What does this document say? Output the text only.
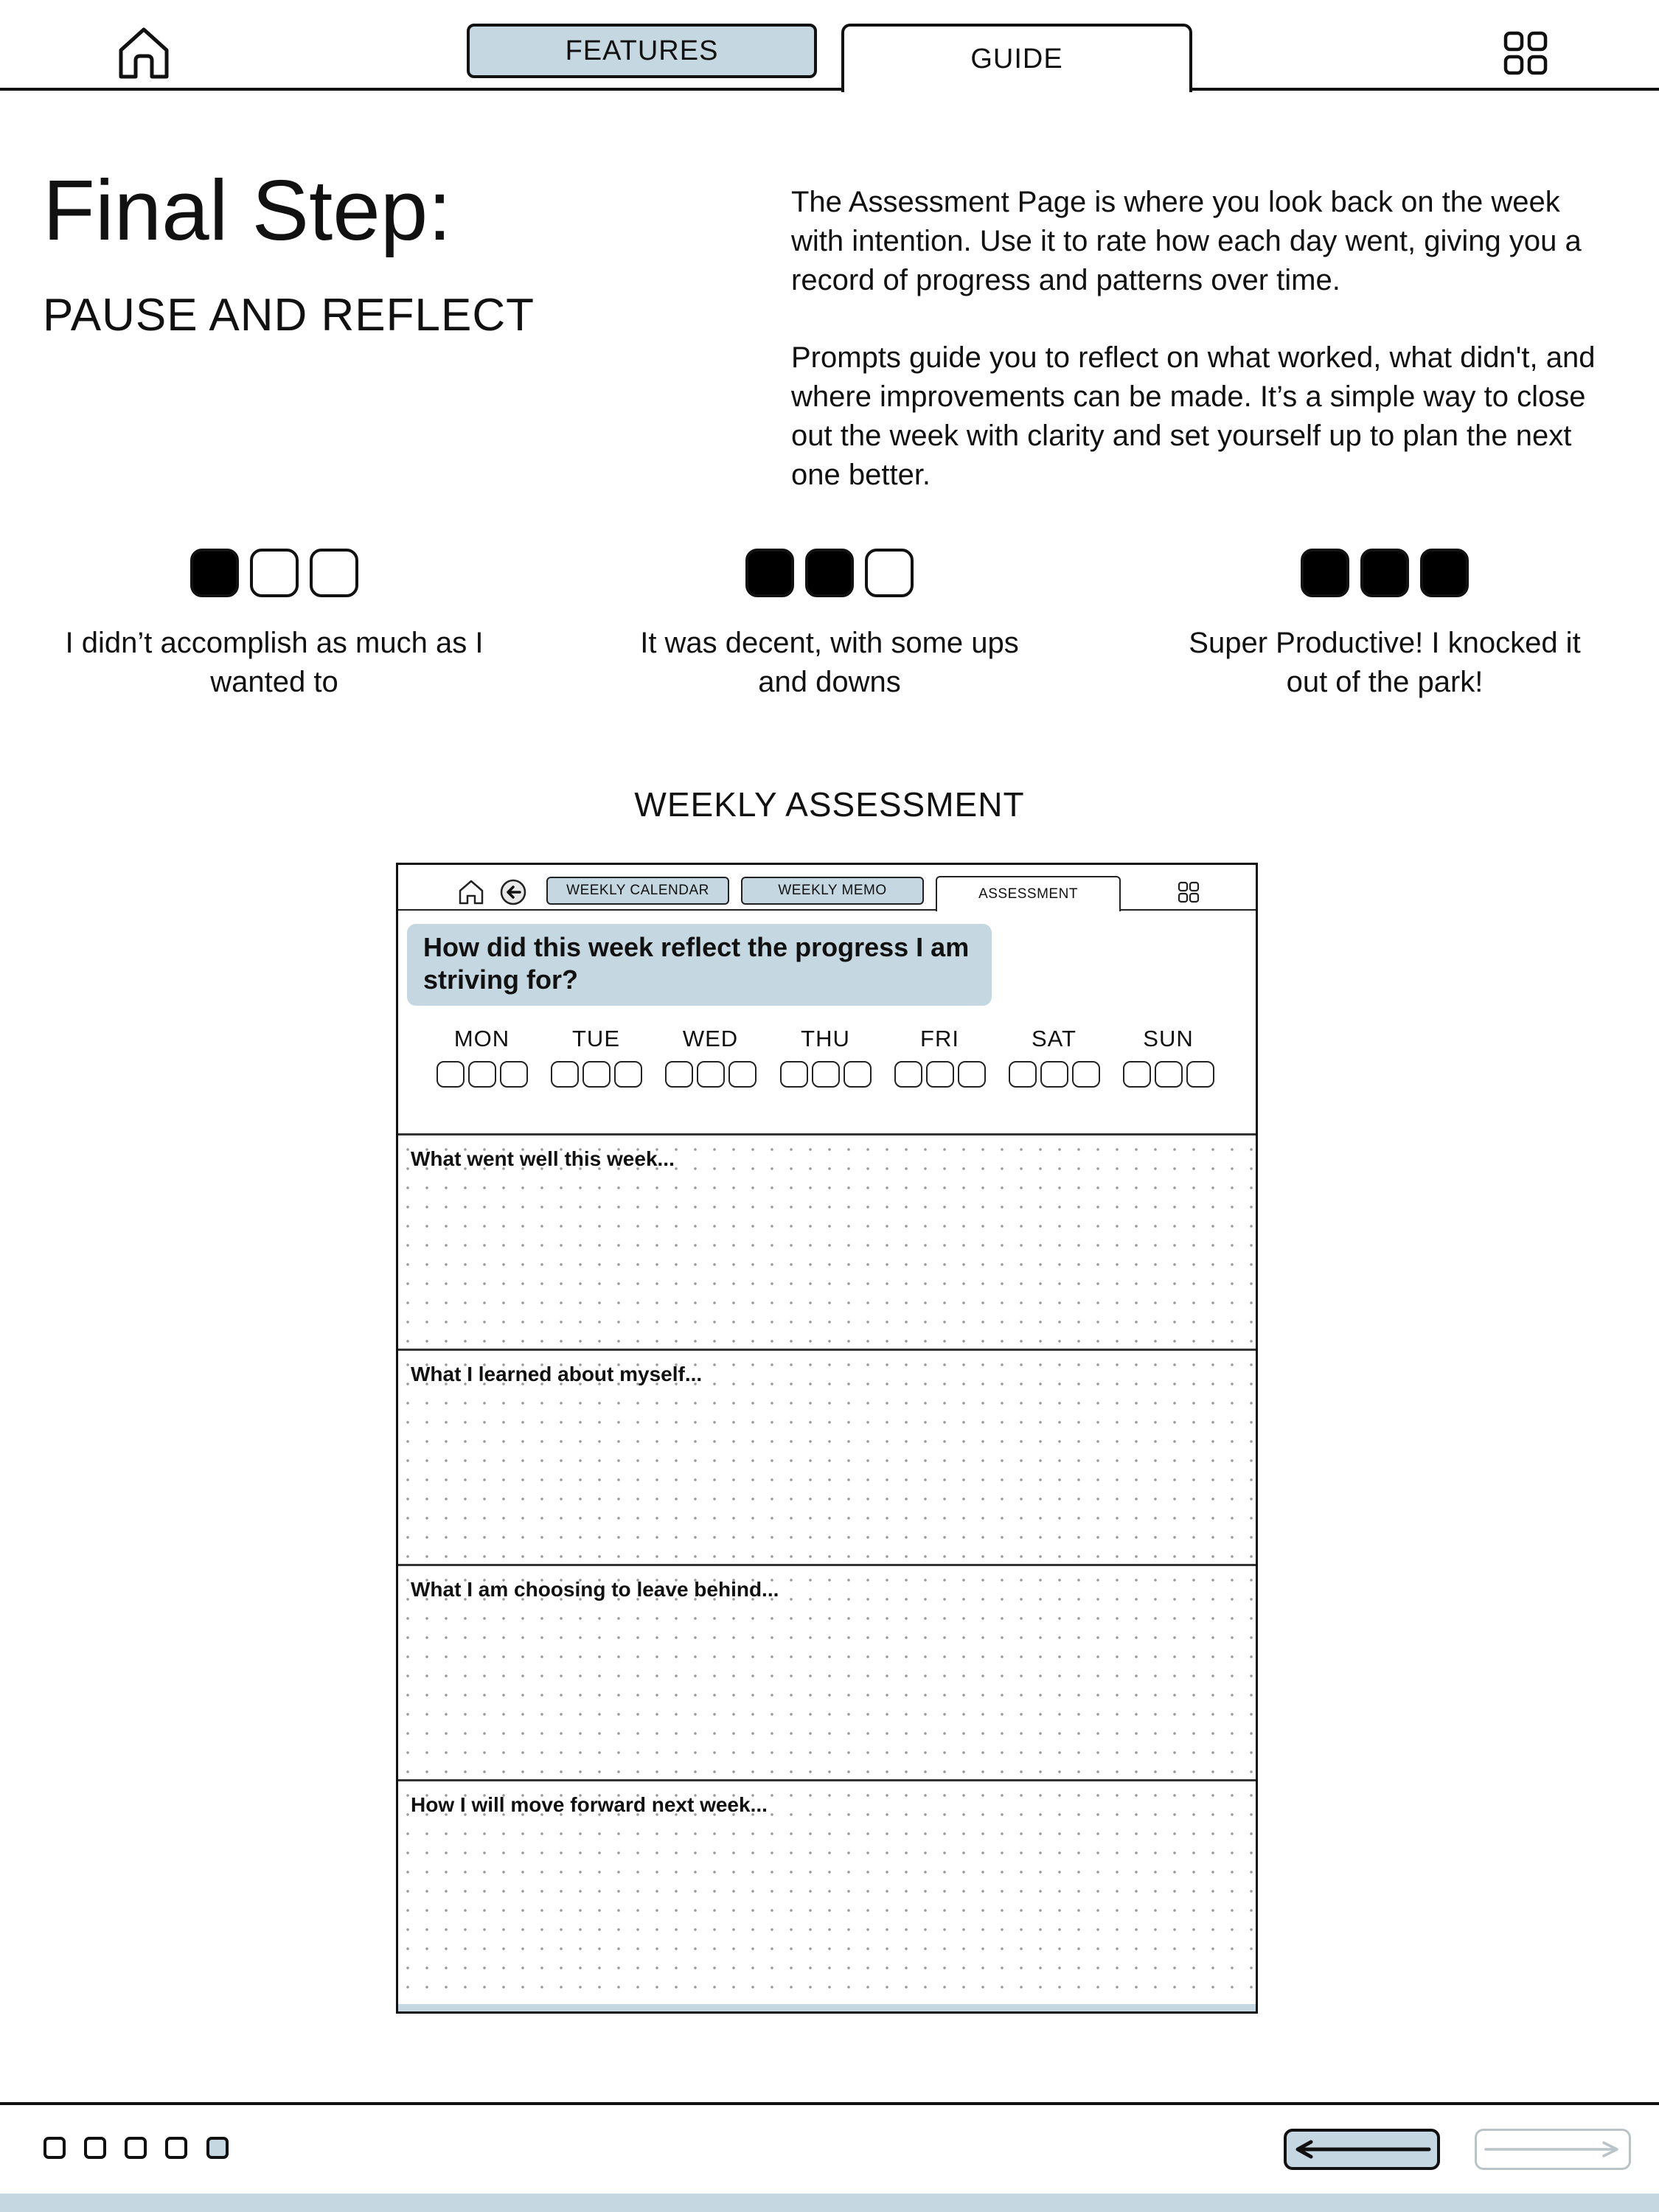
FEATURES	GUIDE
Final Step:
PAUSE AND REFLECT
The Assessment Page is where you look back on the week with intention. Use it to rate how each day went, giving you a record of progress and patterns over time.
Prompts guide you to reflect on what worked, what didn't, and where improvements can be made. It’s a simple way to close out the week with clarity and set yourself up to plan the next one better.
I didn’t accomplish as much as I wanted to
It was decent, with some ups and downs
Super Productive! I knocked it out of the park!
WEEKLY ASSESSMENT
WEEKLY CALENDAR	WEEKLY MEMO	ASSESSMENT
How did this week reflect the progress I am striving for?
MON	TUE	WED	THU	FRI	SAT	SUN
What went well this week...
What I learned about myself...
What I am choosing to leave behind...
How I will move forward next week...
